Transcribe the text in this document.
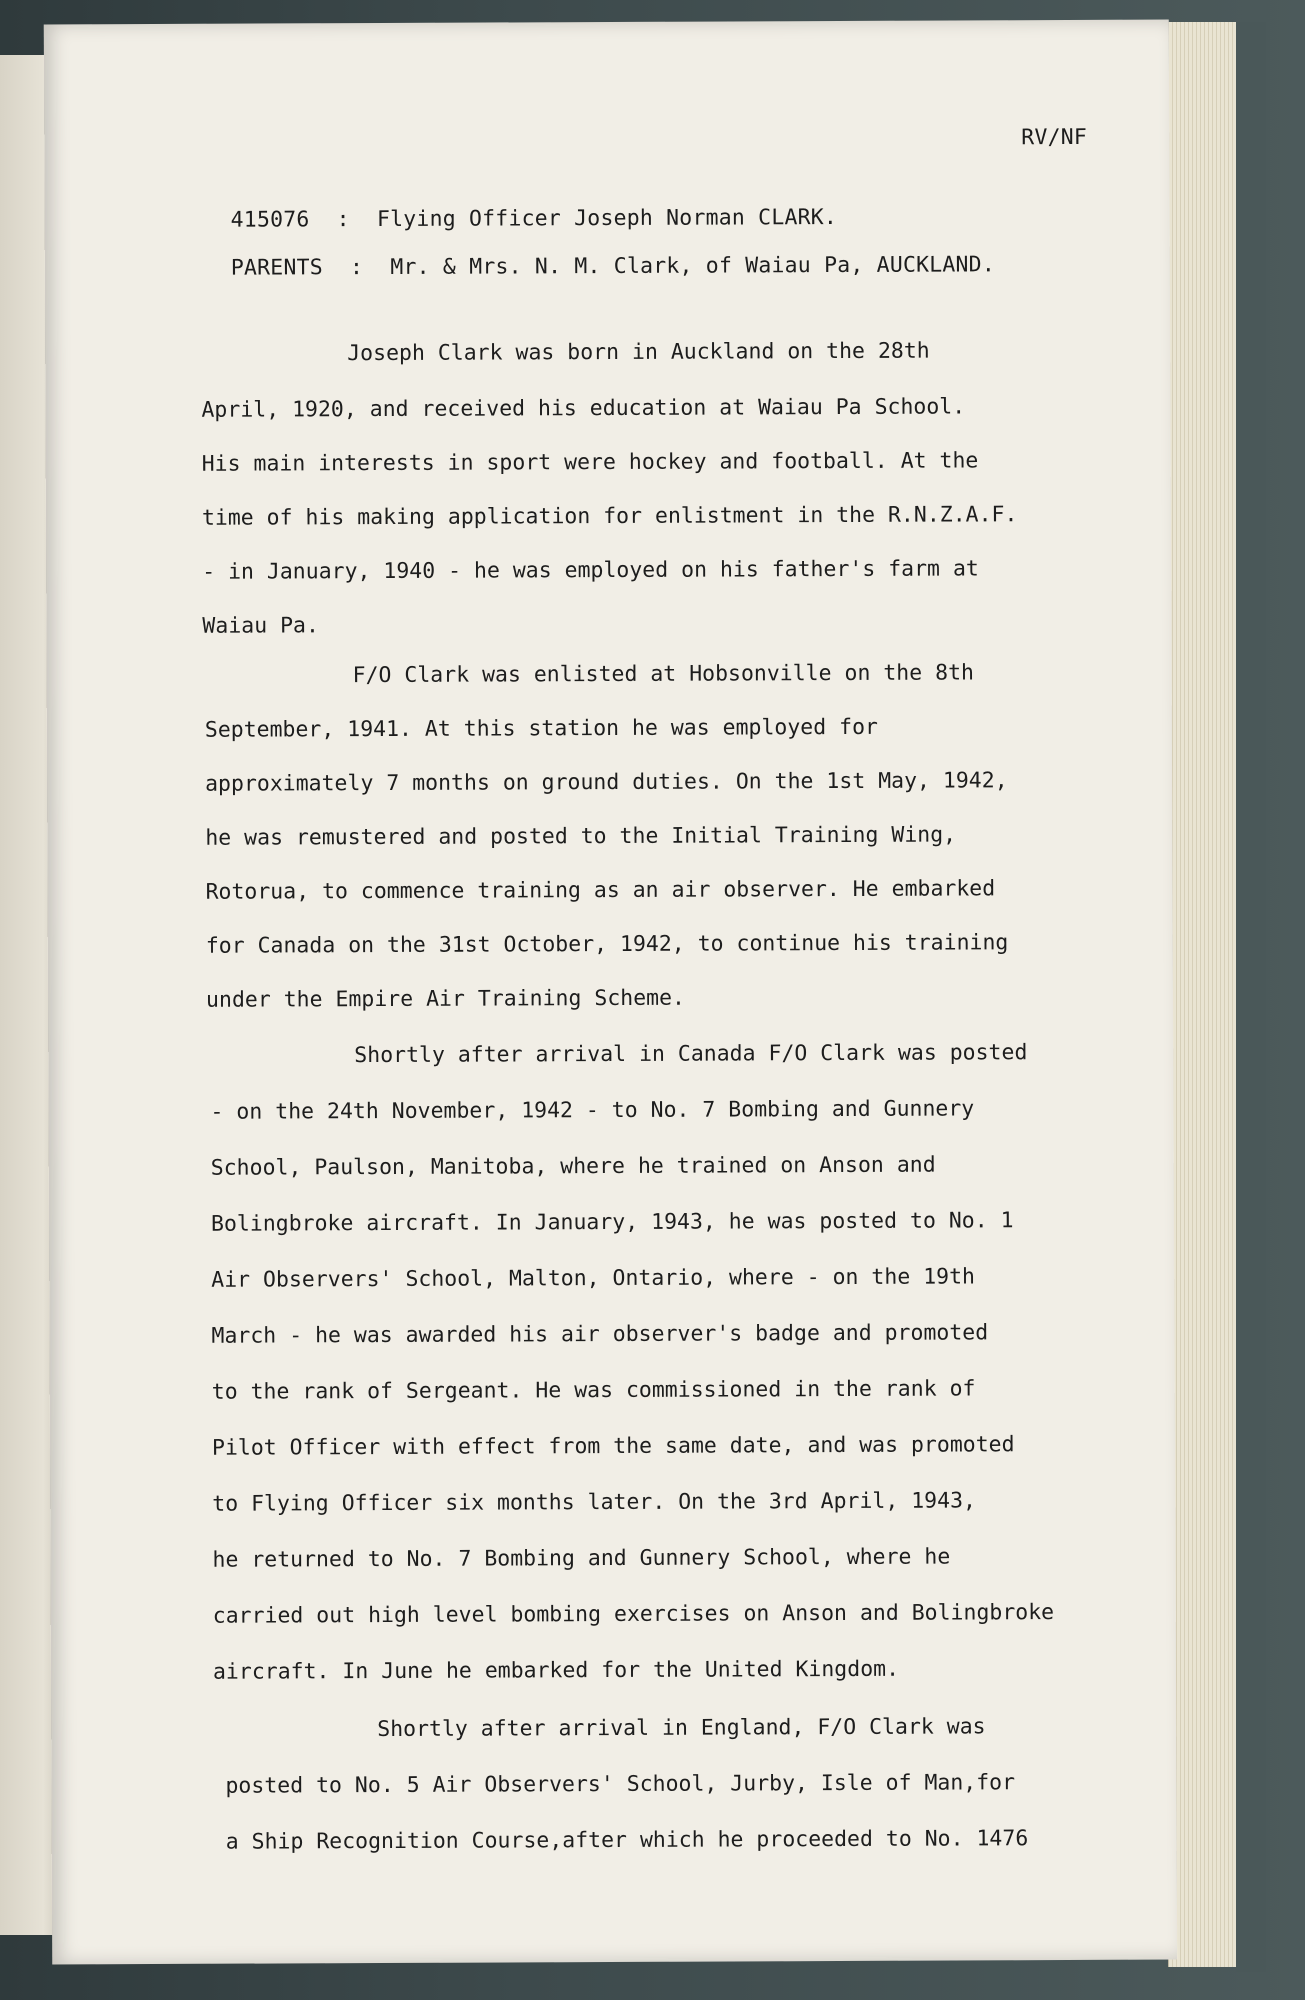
RV/NF
415076 : Flying Officer Joseph Norman CLARK.
PARENTS : Mr. & Mrs. N. M. Clark, of Waiau Pa, AUCKLAND.

Joseph Clark was born in Auckland on the 28th

April, 1920, and received his education at Waiau Pa School.

His main interests in sport were hockey and football. At the

time of his making application for enlistment in the R.N.Z.A.F.

- in January, 1940 - he was employed on his father's farm at

Waiau Pa.

F/O Clark was enlisted at Hobsonville on the 8th

September, 1941. At this station he was employed for

approximately 7 months on ground duties. On the 1st May, 1942,

he was remustered and posted to the Initial Training Wing,

Rotorua, to commence training as an air observer. He embarked

for Canada on the 31st October, 1942, to continue his training

under the Empire Air Training Scheme.

Shortly after arrival in Canada F/O Clark was posted

- on the 24th November, 1942 - to No. 7 Bombing and Gunnery

School, Paulson, Manitoba, where he trained on Anson and

Bolingbroke aircraft. In January, 1943, he was posted to No. 1

Air Observers' School, Malton, Ontario, where - on the 19th

March - he was awarded his air observer's badge and promoted

to the rank of Sergeant. He was commissioned in the rank of

Pilot Officer with effect from the same date, and was promoted

to Flying Officer six months later. On the 3rd April, 1943,

he returned to No. 7 Bombing and Gunnery School, where he

carried out high level bombing exercises on Anson and Bolingbroke

aircraft. In June he embarked for the United Kingdom.

Shortly after arrival in England, F/O Clark was

posted to No. 5 Air Observers' School, Jurby, Isle of Man,for

a Ship Recognition Course,after which he proceeded to No. 1476
